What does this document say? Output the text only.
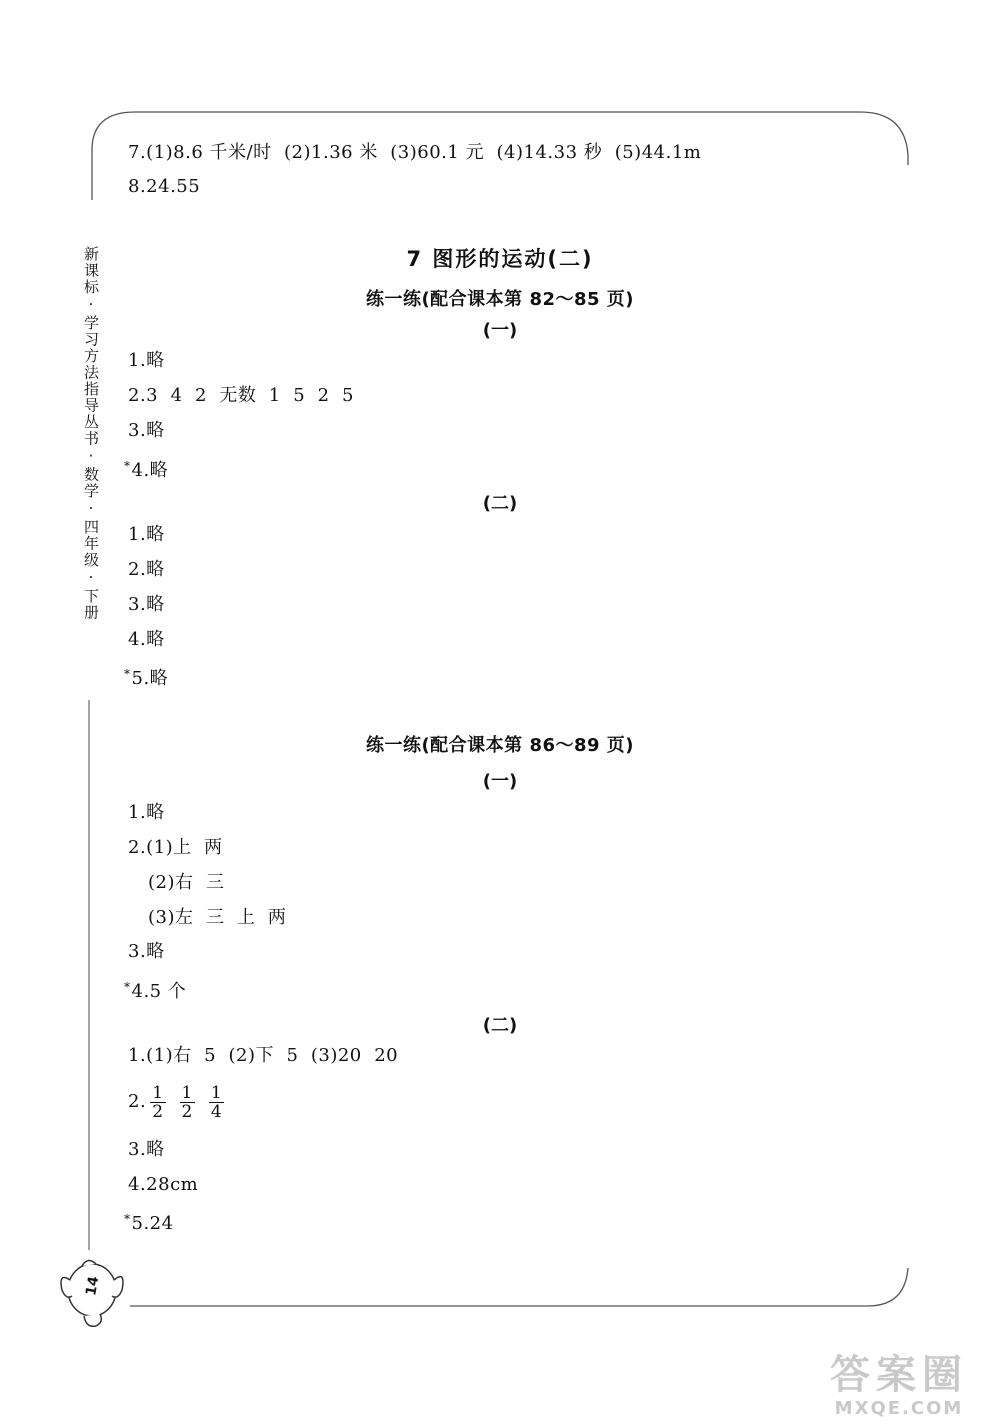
14
新课标·学习方法指导丛书·数学·四年级·下册
7.(1)8.6 千米/时  (2)1.36 米  (3)60.1 元  (4)14.33 秒  (5)44.1m
8.24.55
7 图形的运动(二)
练一练(配合课本第 82～85 页)
(一)
1.略
2.3  4  2  无数  1  5  2  5
3.略
*4.略
(二)
1.略
2.略
3.略
4.略
*5.略
练一练(配合课本第 86～89 页)
(一)
1.略
2.(1)上  两
(2)右  三
(3)左  三  上  两
3.略
*4.5 个
(二)
1.(1)右  5  (2)下  5  (3)20  20
2. $\frac{1}{2} \frac{1}{2} \frac{1}{4}$
3.略
4.28cm
*5.24
答案圈
MXQE.COM
